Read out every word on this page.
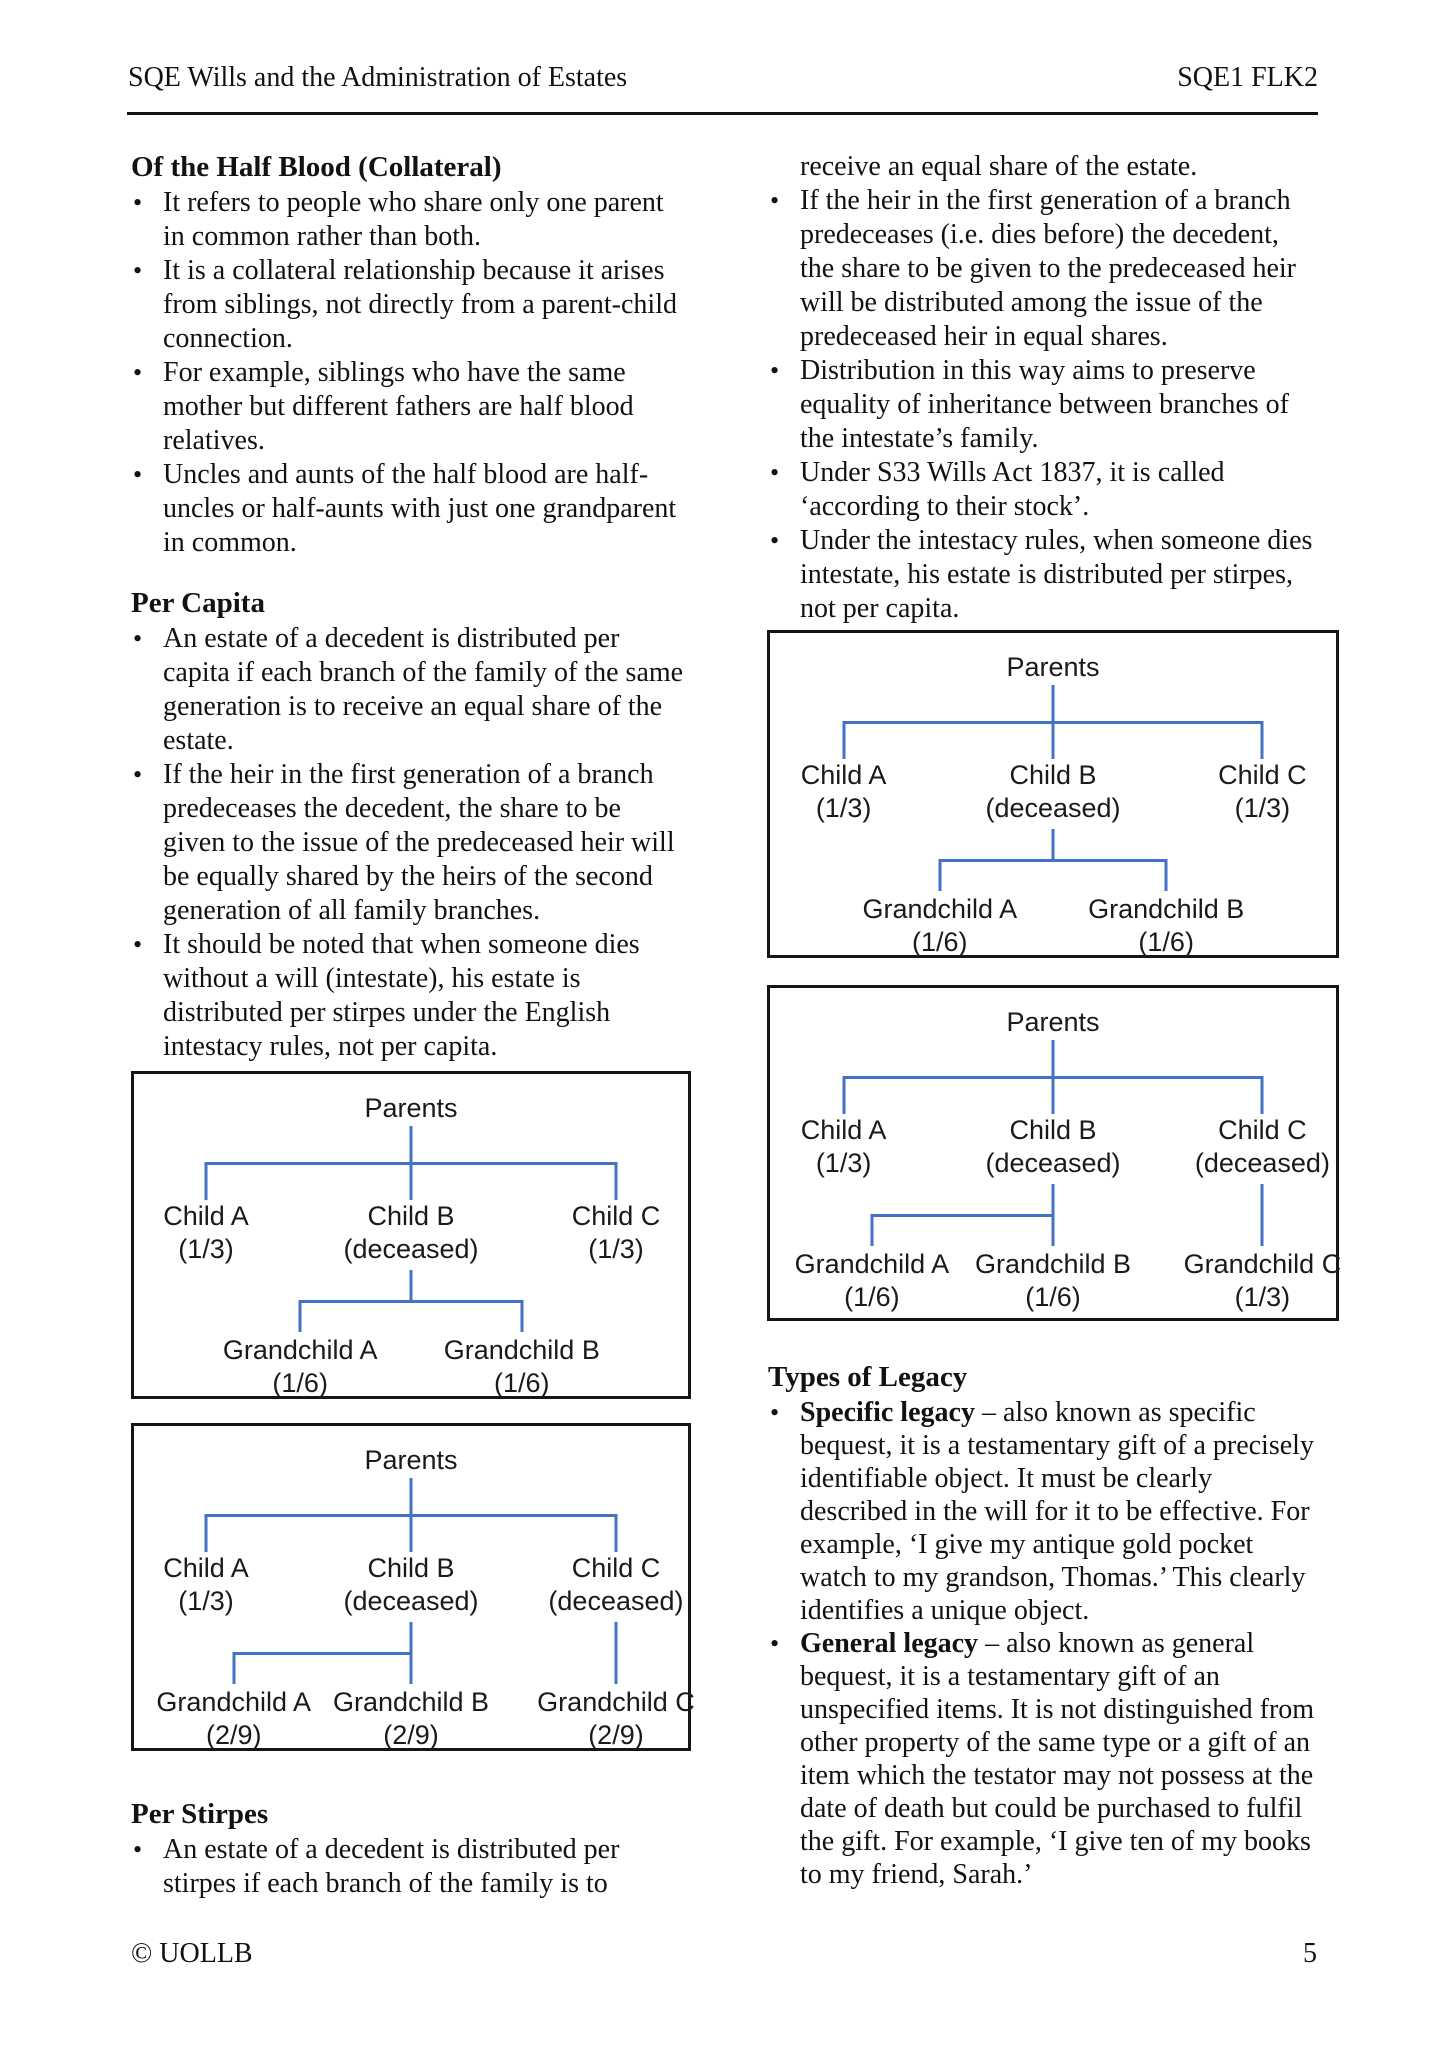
SQE Wills and the Administration of Estates	SQE1 FLK2
Of the Half Blood (Collateral)
• It refers to people who share only one parent in common rather than both.
• It is a collateral relationship because it arises from siblings, not directly from a parent-child connection.
• For example, siblings who have the same mother but different fathers are half blood relatives.
• Uncles and aunts of the half blood are half-uncles or half-aunts with just one grandparent in common.
Per Capita
• An estate of a decedent is distributed per capita if each branch of the family of the same generation is to receive an equal share of the estate.
• If the heir in the first generation of a branch predeceases the decedent, the share to be given to the issue of the predeceased heir will be equally shared by the heirs of the second generation of all family branches.
• It should be noted that when someone dies without a will (intestate), his estate is distributed per stirpes under the English intestacy rules, not per capita.
Parents
Child A
(1/3)
Child B
(deceased)
Child C
(1/3)
Grandchild A
(1/6)
Grandchild B
(1/6)
Parents
Child A
(1/3)
Child B
(deceased)
Child C
(deceased)
Grandchild A
(2/9)
Grandchild B
(2/9)
Grandchild C
(2/9)
Per Stirpes
• An estate of a decedent is distributed per stirpes if each branch of the family is to
receive an equal share of the estate.
• If the heir in the first generation of a branch predeceases (i.e. dies before) the decedent, the share to be given to the predeceased heir will be distributed among the issue of the predeceased heir in equal shares.
• Distribution in this way aims to preserve equality of inheritance between branches of the intestate’s family.
• Under S33 Wills Act 1837, it is called ‘according to their stock’.
• Under the intestacy rules, when someone dies intestate, his estate is distributed per stirpes, not per capita.
Parents
Child A
(1/3)
Child B
(deceased)
Child C
(1/3)
Grandchild A
(1/6)
Grandchild B
(1/6)
Parents
Child A
(1/3)
Child B
(deceased)
Child C
(deceased)
Grandchild A
(1/6)
Grandchild B
(1/6)
Grandchild C
(1/3)
Types of Legacy
• Specific legacy – also known as specific bequest, it is a testamentary gift of a precisely identifiable object. It must be clearly described in the will for it to be effective. For example, ‘I give my antique gold pocket watch to my grandson, Thomas.’ This clearly identifies a unique object.
• General legacy – also known as general bequest, it is a testamentary gift of an unspecified items. It is not distinguished from other property of the same type or a gift of an item which the testator may not possess at the date of death but could be purchased to fulfil the gift. For example, ‘I give ten of my books to my friend, Sarah.’
© UOLLB	5
